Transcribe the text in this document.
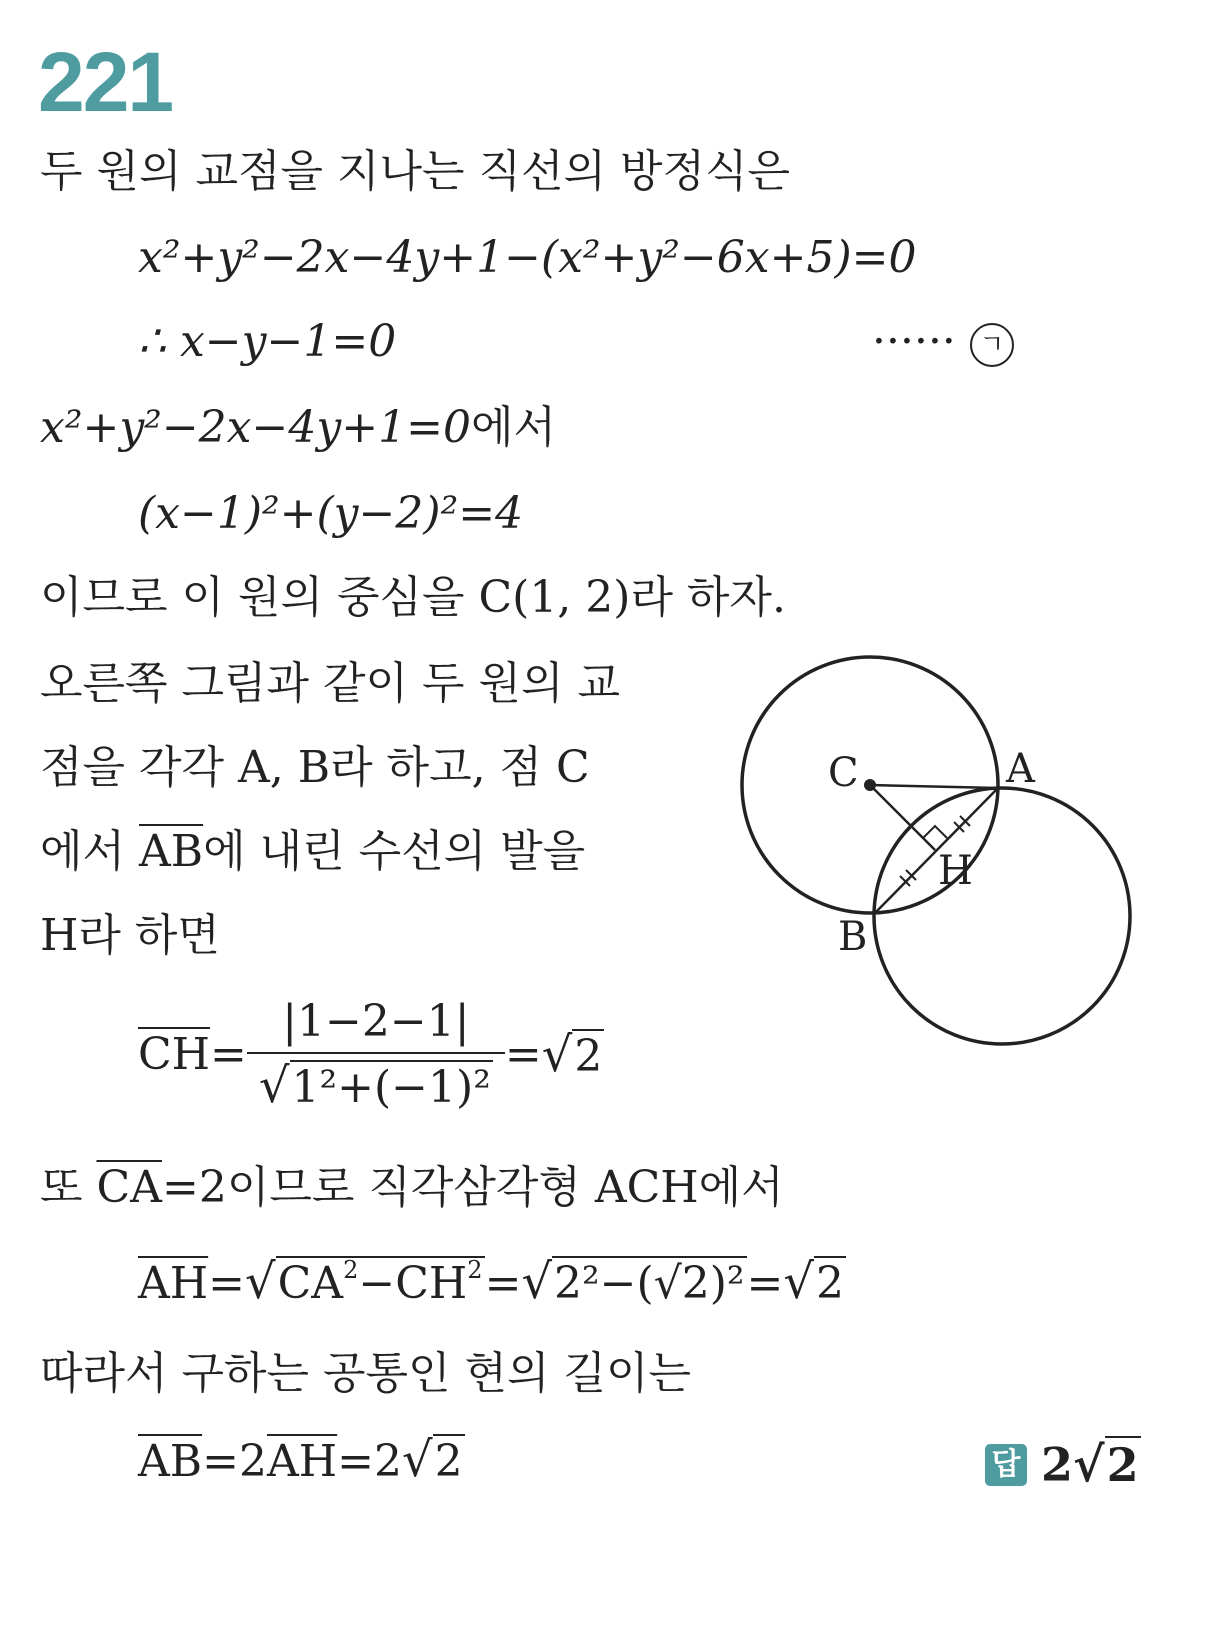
221
두 원의 교점을 지나는 직선의 방정식은
x²+y²−2x−4y+1−(x²+y²−6x+5)=0
∴ x−y−1=0	······ ㄱ
x²+y²−2x−4y+1=0에서
(x−1)²+(y−2)²=4
이므로 이 원의 중심을 C(1, 2)라 하자.
오른쪽 그림과 같이 두 원의 교
점을 각각 A, B라 하고, 점 C
에서 $\overline{AB}$에 내린 수선의 발을
H라 하면
$\overline{CH}= \frac{|1-2-1|}{\text{√1²+(−1)²}} =√2$
또 $\overline{CA}=2$이므로 직각삼각형 ACH에서
$\overline{AH}=√CA^2-\overline{CH}^2=√2^2-(√2)^2=√2$
따라서 구하는 공통인 현의 길이는
$\overline{AB}=2\overline{AH}=2√2$	답 2√2
C	A
B
H
